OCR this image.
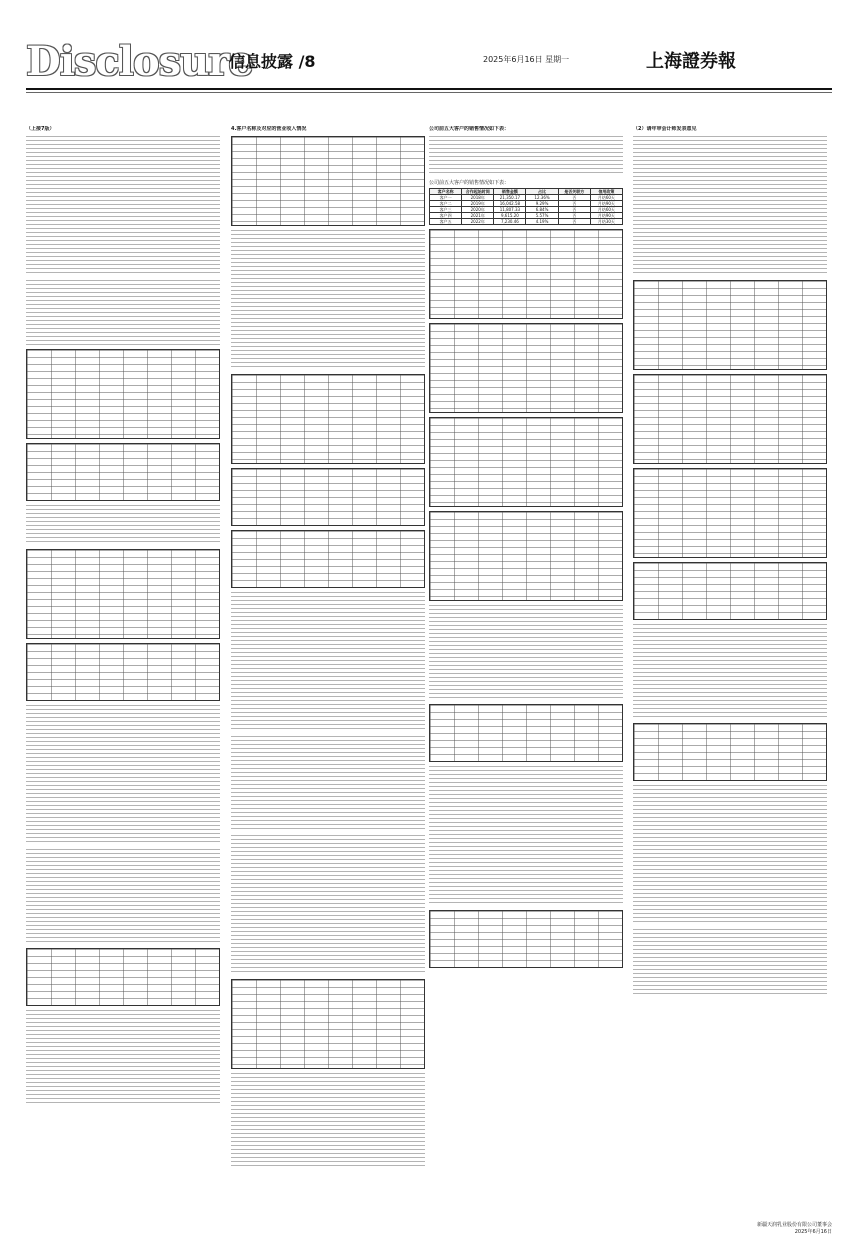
Disclosure
信息披露 /8	2025年6月16日 星期一	上海證券報
（上接7版）	4.客户名称及对应的营业收入情况	公司前五大客户的销售情况如下表：
公司前五大客户的销售情况如下表：
客户名称	合作起始时间	销售金额	占比	是否关联方	信用政策
客户一	2018年	21,350.17	12.36%	否	月结60天
客户二	2019年	16,042.58	9.29%	否	月结90天
客户三	2020年	11,807.33	6.84%	否	月结60天
客户四	2021年	9,615.20	5.57%	否	月结90天
客户五	2022年	7,230.46	4.19%	否	月结30天
（2）请年审会计师发表意见
新疆天润乳业股份有限公司董事会
2025年6月16日
